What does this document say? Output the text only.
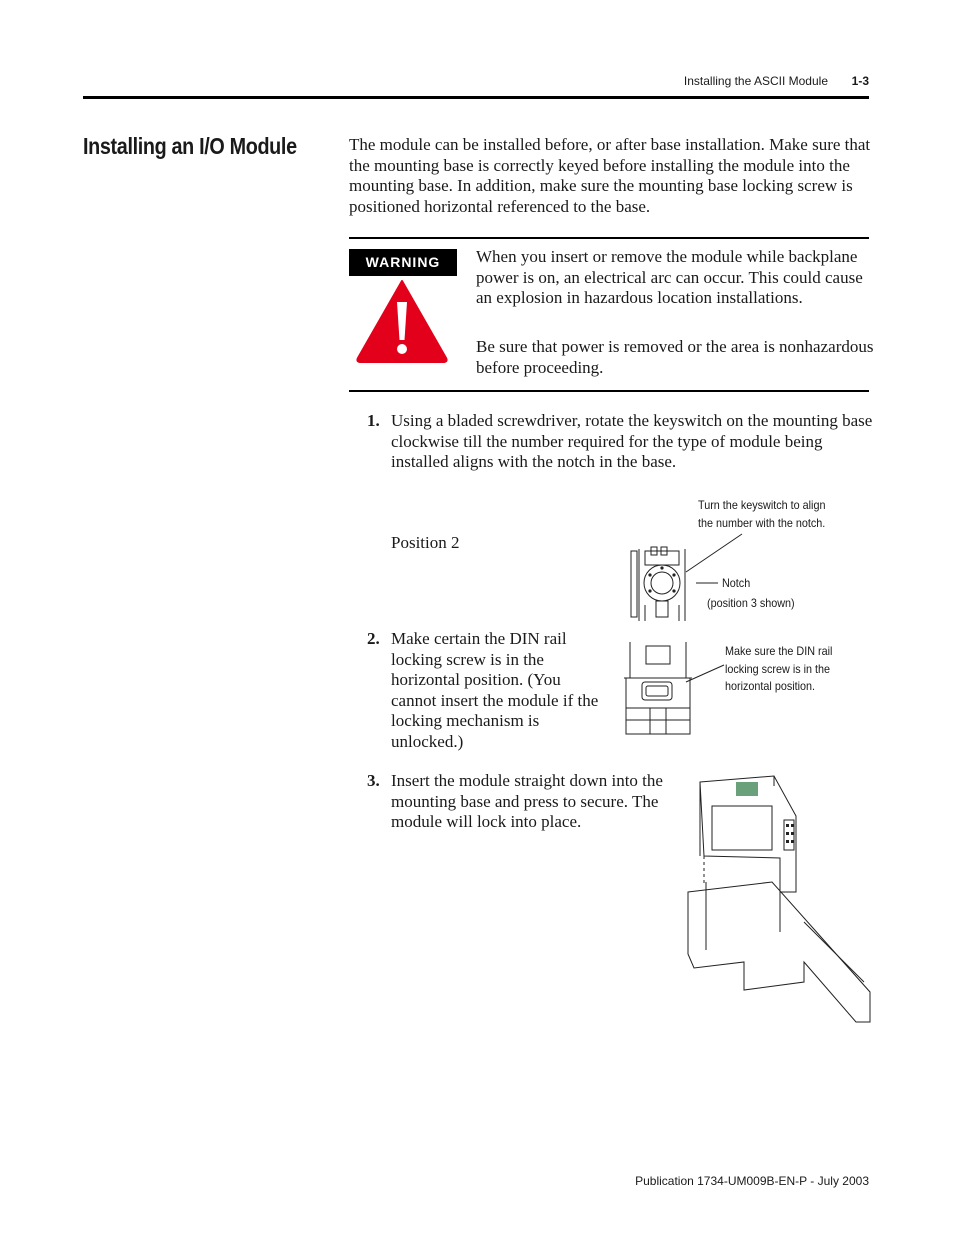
Installing the ASCII Module	1-3
Installing an I/O Module	The module can be installed before, or after base installation. Make sure that the mounting base is correctly keyed before installing the module into the mounting base. In addition, make sure the mounting base locking screw is positioned horizontal referenced to the base.
WARNING	When you insert or remove the module while backplane power is on, an electrical arc can occur. This could cause an explosion in hazardous location installations.
Be sure that power is removed or the area is nonhazardous before proceeding.
1. Using a bladed screwdriver, rotate the keyswitch on the mounting base clockwise till the number required for the type of module being installed aligns with the notch in the base.
Position 2
2. Make certain the DIN rail locking screw is in the horizontal position. (You cannot insert the module if the locking mechanism is unlocked.)
3. Insert the module straight down into the mounting base and press to secure. The module will lock into place.
Turn the keyswitch to align
the number with the notch.
Notch
(position 3 shown)
Make sure the DIN rail
locking screw is in the
horizontal position.
Publication 1734-UM009B-EN-P - July 2003
